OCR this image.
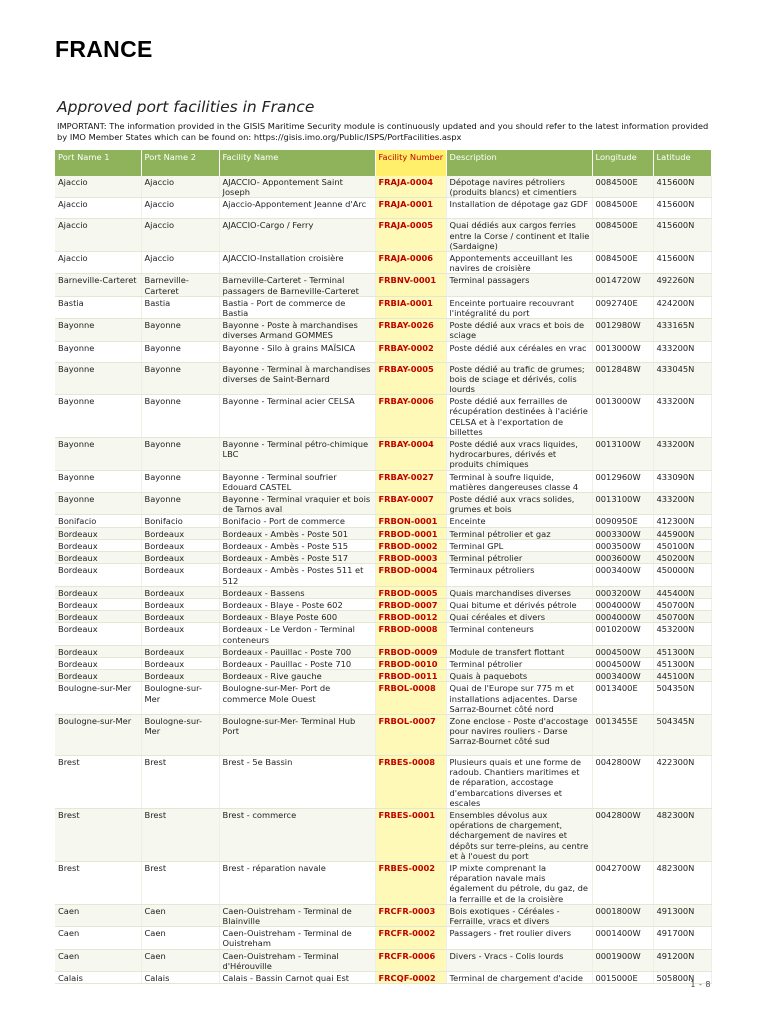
FRANCE
Approved port facilities in France
IMPORTANT: The information provided in the GISIS Maritime Security module is continuously updated and you should refer to the latest information provided by IMO Member States which can be found on: https://gisis.imo.org/Public/ISPS/PortFacilities.aspx
Port Name 1	Port Name 2	Facility Name	Facility Number	Description	Longitude	Latitude
Ajaccio	Ajaccio	AJACCIO- Appontement Saint Joseph	FRAJA-0004	Dépotage navires pétroliers (produits blancs) et cimentiers	0084500E	415600N
Ajaccio	Ajaccio	Ajaccio-Appontement Jeanne d'Arc	FRAJA-0001	Installation de dépotage gaz GDF	0084500E	415600N
Ajaccio	Ajaccio	AJACCIO-Cargo / Ferry	FRAJA-0005	Quai dédiés aux cargos ferries entre la Corse / continent et Italie (Sardaigne)	0084500E	415600N
Ajaccio	Ajaccio	AJACCIO-Installation croisière	FRAJA-0006	Appontements acceuillant les navires de croisière	0084500E	415600N
Barneville-Carteret	Barneville-Carteret	Barneville-Carteret - Terminal passagers de Barneville-Carteret	FRBNV-0001	Terminal passagers	0014720W	492260N
Bastia	Bastia	Bastia - Port de commerce de Bastia	FRBIA-0001	Enceinte portuaire recouvrant l'intégralité du port	0092740E	424200N
Bayonne	Bayonne	Bayonne - Poste à marchandises diverses Armand GOMMES	FRBAY-0026	Poste dédié aux vracs et bois de sciage	0012980W	433165N
Bayonne	Bayonne	Bayonne - Silo à grains MAÏSICA	FRBAY-0002	Poste dédié aux céréales en vrac	0013000W	433200N
Bayonne	Bayonne	Bayonne - Terminal à marchandises diverses de Saint-Bernard	FRBAY-0005	Poste dédié au trafic de grumes; bois de sciage et dérivés, colis lourds	0012848W	433045N
Bayonne	Bayonne	Bayonne - Terminal acier CELSA	FRBAY-0006	Poste dédié aux ferrailles de récupération destinées à l'aciérie CELSA et à l'exportation de billettes	0013000W	433200N
Bayonne	Bayonne	Bayonne - Terminal pétro-chimique LBC	FRBAY-0004	Poste dédié aux vracs liquides, hydrocarbures, dérivés et produits chimiques	0013100W	433200N
Bayonne	Bayonne	Bayonne - Terminal soufrier Edouard CASTEL	FRBAY-0027	Terminal à soufre liquide, matières dangereuses classe 4	0012960W	433090N
Bayonne	Bayonne	Bayonne - Terminal vraquier et bois de Tarnos aval	FRBAY-0007	Poste dédié aux vracs solides, grumes et bois	0013100W	433200N
Bonifacio	Bonifacio	Bonifacio - Port de commerce	FRBON-0001	Enceinte	0090950E	412300N
Bordeaux	Bordeaux	Bordeaux - Ambès - Poste 501	FRBOD-0001	Terminal pétrolier et gaz	0003300W	445900N
Bordeaux	Bordeaux	Bordeaux - Ambès - Poste 515	FRBOD-0002	Terminal GPL	0003500W	450100N
Bordeaux	Bordeaux	Bordeaux - Ambès - Poste 517	FRBOD-0003	Terminal pétrolier	0003600W	450200N
Bordeaux	Bordeaux	Bordeaux - Ambès - Postes 511 et 512	FRBOD-0004	Terminaux pétroliers	0003400W	450000N
Bordeaux	Bordeaux	Bordeaux - Bassens	FRBOD-0005	Quais marchandises diverses	0003200W	445400N
Bordeaux	Bordeaux	Bordeaux - Blaye - Poste 602	FRBOD-0007	Quai bitume et dérivés pétrole	0004000W	450700N
Bordeaux	Bordeaux	Bordeaux - Blaye Poste 600	FRBOD-0012	Quai céréales et divers	0004000W	450700N
Bordeaux	Bordeaux	Bordeaux - Le Verdon - Terminal conteneurs	FRBOD-0008	Terminal conteneurs	0010200W	453200N
Bordeaux	Bordeaux	Bordeaux - Pauillac - Poste 700	FRBOD-0009	Module de transfert flottant	0004500W	451300N
Bordeaux	Bordeaux	Bordeaux - Pauillac - Poste 710	FRBOD-0010	Terminal pétrolier	0004500W	451300N
Bordeaux	Bordeaux	Bordeaux - Rive gauche	FRBOD-0011	Quais à paquebots	0003400W	445100N
Boulogne-sur-Mer	Boulogne-sur-Mer	Boulogne-sur-Mer- Port de commerce Mole Ouest	FRBOL-0008	Quai de l'Europe sur 775 m et installations adjacentes. Darse Sarraz-Bournet côté nord	0013400E	504350N
Boulogne-sur-Mer	Boulogne-sur-Mer	Boulogne-sur-Mer- Terminal Hub Port	FRBOL-0007	Zone enclose - Poste d'accostage pour navires rouliers - Darse Sarraz-Bournet côté sud	0013455E	504345N
Brest	Brest	Brest - 5e Bassin	FRBES-0008	Plusieurs quais et une forme de radoub. Chantiers maritimes et de réparation, accostage d'embarcations diverses et escales	0042800W	422300N
Brest	Brest	Brest - commerce	FRBES-0001	Ensembles dévolus aux opérations de chargement, déchargement de navires et dépôts sur terre-pleins, au centre et à l'ouest du port	0042800W	482300N
Brest	Brest	Brest - réparation navale	FRBES-0002	IP mixte comprenant la réparation navale mais également du pétrole, du gaz, de la ferraille et de la croisière	0042700W	482300N
Caen	Caen	Caen-Ouistreham - Terminal de Blainville	FRCFR-0003	Bois exotiques - Céréales - Ferraille, vracs et divers	0001800W	491300N
Caen	Caen	Caen-Ouistreham - Terminal de Ouistreham	FRCFR-0002	Passagers - fret roulier divers	0001400W	491700N
Caen	Caen	Caen-Ouistreham - Terminal d'Hérouville	FRCFR-0006	Divers - Vracs - Colis lourds	0001900W	491200N
Calais	Calais	Calais - Bassin Carnot quai Est	FRCQF-0002	Terminal de chargement d'acide	0015000E	505800N
1 - 8
